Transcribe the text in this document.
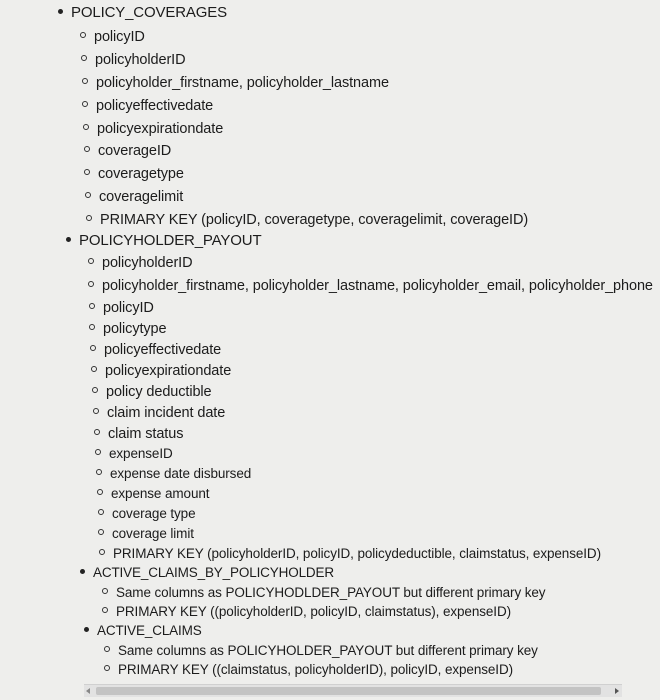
POLICY_COVERAGES
policyID
policyholderID
policyholder_firstname, policyholder_lastname
policyeffectivedate
policyexpirationdate
coverageID
coveragetype
coveragelimit
PRIMARY KEY (policyID, coveragetype, coveragelimit, coverageID)
POLICYHOLDER_PAYOUT
policyholderID
policyholder_firstname, policyholder_lastname, policyholder_email, policyholder_phone
policyID
policytype
policyeffectivedate
policyexpirationdate
policy deductible
claim incident date
claim status
expenseID
expense date disbursed
expense amount
coverage type
coverage limit
PRIMARY KEY (policyholderID, policyID, policydeductible, claimstatus, expenseID)
ACTIVE_CLAIMS_BY_POLICYHOLDER
Same columns as POLICYHODLDER_PAYOUT but different primary key
PRIMARY KEY ((policyholderID, policyID, claimstatus), expenseID)
ACTIVE_CLAIMS
Same columns as POLICYHOLDER_PAYOUT but different primary key
PRIMARY KEY ((claimstatus, policyholderID), policyID, expenseID)
